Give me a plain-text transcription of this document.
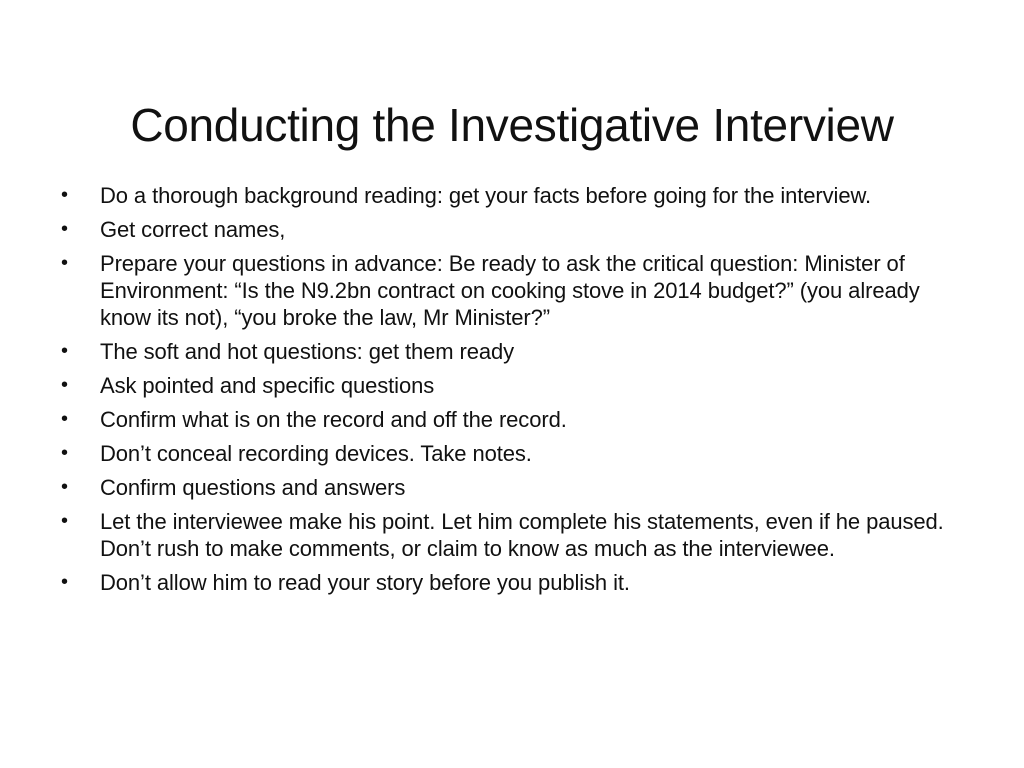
Conducting the Investigative Interview
• Do a thorough background reading: get your facts before going for the interview.
• Get correct names,
• Prepare your questions in advance: Be ready to ask the critical question: Minister of Environment: “Is the N9.2bn contract on cooking stove in 2014 budget?” (you already know its not), “you broke the law, Mr Minister?”
• The soft and hot questions: get them ready
• Ask pointed and specific questions
• Confirm what is on the record and off the record.
• Don’t conceal recording devices. Take notes.
• Confirm questions and answers
• Let the interviewee make his point. Let him complete his statements, even if he paused. Don’t rush to make comments, or claim to know as much as the interviewee.
• Don’t allow him to read your story before you publish it.
